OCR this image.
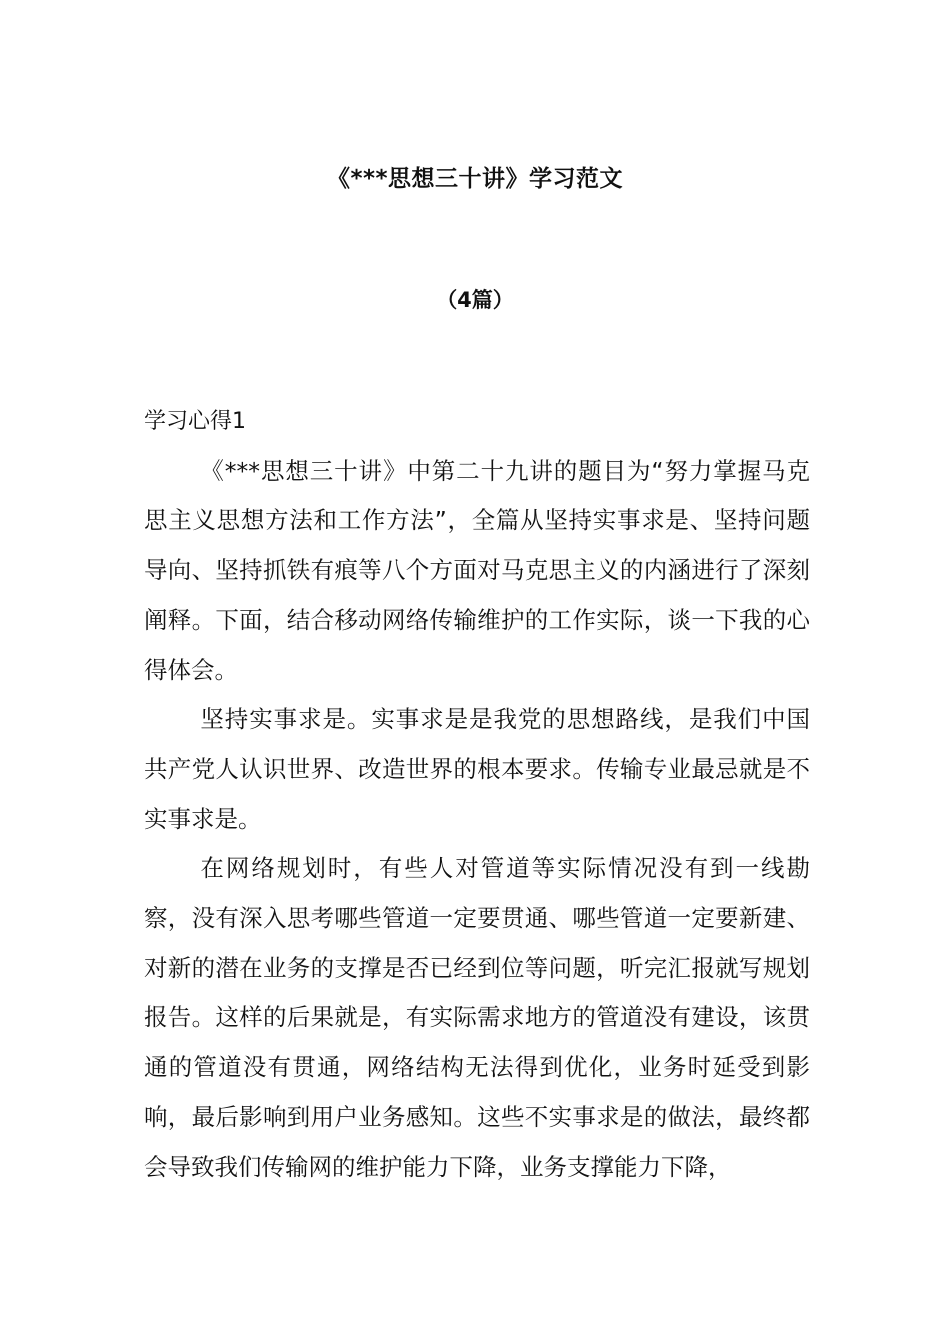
《***思想三十讲》学习范文
（4篇）

学习心得1

《***思想三十讲》中第二十九讲的题目为“努力掌握马克思主义思想方法和工作方法”，全篇从坚持实事求是、坚持问题导向、坚持抓铁有痕等八个方面对马克思主义的内涵进行了深刻阐释。下面，结合移动网络传输维护的工作实际，谈一下我的心得体会。

坚持实事求是。实事求是是我党的思想路线，是我们中国共产党人认识世界、改造世界的根本要求。传输专业最忌就是不实事求是。

在网络规划时，有些人对管道等实际情况没有到一线勘察，没有深入思考哪些管道一定要贯通、哪些管道一定要新建、对新的潜在业务的支撑是否已经到位等问题，听完汇报就写规划报告。这样的后果就是，有实际需求地方的管道没有建设，该贯通的管道没有贯通，网络结构无法得到优化，业务时延受到影响，最后影响到用户业务感知。这些不实事求是的做法，最终都会导致我们传输网的维护能力下降，业务支撑能力下降，
